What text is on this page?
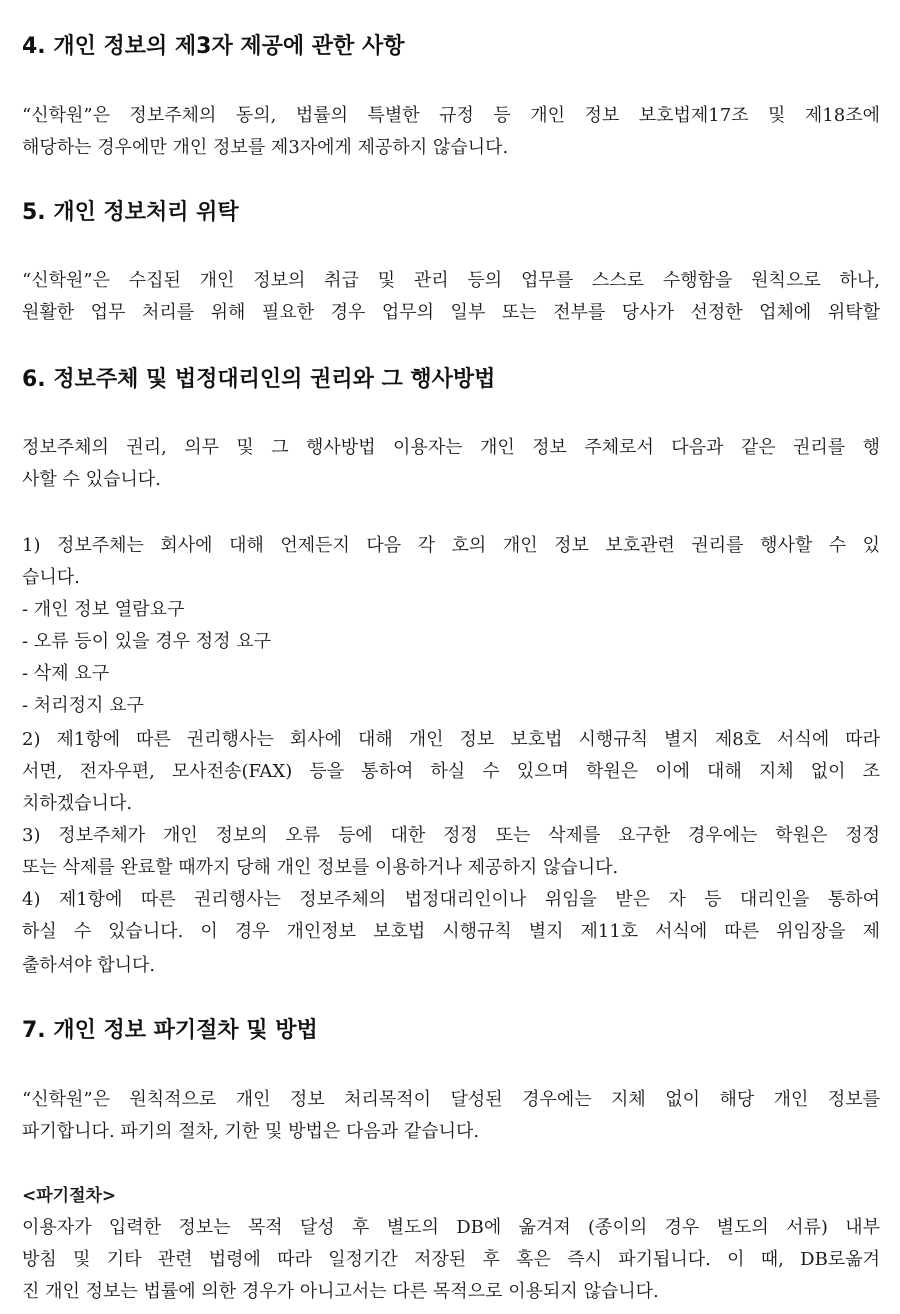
4. 개인 정보의 제3자 제공에 관한 사항
“신학원”은 정보주체의 동의, 법률의 특별한 규정 등 개인 정보 보호법제17조 및 제18조에
해당하는 경우에만 개인 정보를 제3자에게 제공하지 않습니다.
5. 개인 정보처리 위탁
“신학원”은 수집된 개인 정보의 취급 및 관리 등의 업무를 스스로 수행함을 원칙으로 하나,
원활한 업무 처리를 위해 필요한 경우 업무의 일부 또는 전부를 당사가 선정한 업체에 위탁할
6. 정보주체 및 법정대리인의 권리와 그 행사방법
정보주체의 권리, 의무 및 그 행사방법 이용자는 개인 정보 주체로서 다음과 같은 권리를 행
사할 수 있습니다.
1) 정보주체는 회사에 대해 언제든지 다음 각 호의 개인 정보 보호관련 권리를 행사할 수 있
습니다.
- 개인 정보 열람요구
- 오류 등이 있을 경우 정정 요구
- 삭제 요구
- 처리정지 요구
2) 제1항에 따른 권리행사는 회사에 대해 개인 정보 보호법 시행규칙 별지 제8호 서식에 따라
서면, 전자우편, 모사전송(FAX) 등을 통하여 하실 수 있으며 학원은 이에 대해 지체 없이 조
치하겠습니다.
3) 정보주체가 개인 정보의 오류 등에 대한 정정 또는 삭제를 요구한 경우에는 학원은 정정
또는 삭제를 완료할 때까지 당해 개인 정보를 이용하거나 제공하지 않습니다.
4) 제1항에 따른 권리행사는 정보주체의 법정대리인이나 위임을 받은 자 등 대리인을 통하여
하실 수 있습니다. 이 경우 개인정보 보호법 시행규칙 별지 제11호 서식에 따른 위임장을 제
출하셔야 합니다.
7. 개인 정보 파기절차 및 방법
“신학원”은 원칙적으로 개인 정보 처리목적이 달성된 경우에는 지체 없이 해당 개인 정보를
파기합니다. 파기의 절차, 기한 및 방법은 다음과 같습니다.
<파기절차>
이용자가 입력한 정보는 목적 달성 후 별도의 DB에 옮겨져 (종이의 경우 별도의 서류) 내부
방침 및 기타 관련 법령에 따라 일정기간 저장된 후 혹은 즉시 파기됩니다. 이 때, DB로옮겨
진 개인 정보는 법률에 의한 경우가 아니고서는 다른 목적으로 이용되지 않습니다.
